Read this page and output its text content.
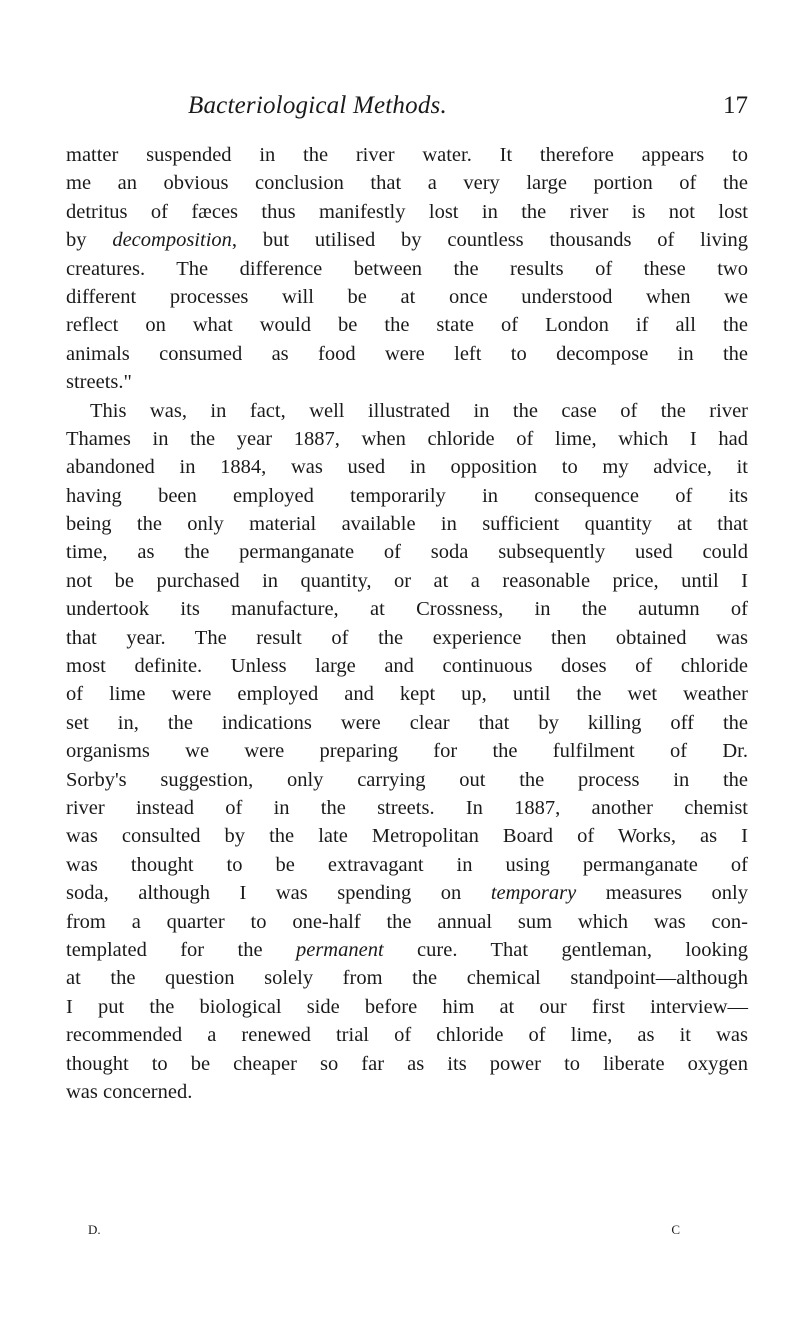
Bacteriological Methods.	17
matter suspended in the river water. It therefore appears to
me an obvious conclusion that a very large portion of the
detritus of fæces thus manifestly lost in the river is not lost
by decomposition, but utilised by countless thousands of living
creatures. The difference between the results of these two
different processes will be at once understood when we
reflect on what would be the state of London if all the
animals consumed as food were left to decompose in the
streets."
This was, in fact, well illustrated in the case of the river
Thames in the year 1887, when chloride of lime, which I had
abandoned in 1884, was used in opposition to my advice, it
having been employed temporarily in consequence of its
being the only material available in sufficient quantity at that
time, as the permanganate of soda subsequently used could
not be purchased in quantity, or at a reasonable price, until I
undertook its manufacture, at Crossness, in the autumn of
that year. The result of the experience then obtained was
most definite. Unless large and continuous doses of chloride
of lime were employed and kept up, until the wet weather
set in, the indications were clear that by killing off the
organisms we were preparing for the fulfilment of Dr.
Sorby's suggestion, only carrying out the process in the
river instead of in the streets. In 1887, another chemist
was consulted by the late Metropolitan Board of Works, as I
was thought to be extravagant in using permanganate of
soda, although I was spending on temporary measures only
from a quarter to one-half the annual sum which was con-
templated for the permanent cure. That gentleman, looking
at the question solely from the chemical standpoint—although
I put the biological side before him at our first interview—
recommended a renewed trial of chloride of lime, as it was
thought to be cheaper so far as its power to liberate oxygen
was concerned.
D.	C
